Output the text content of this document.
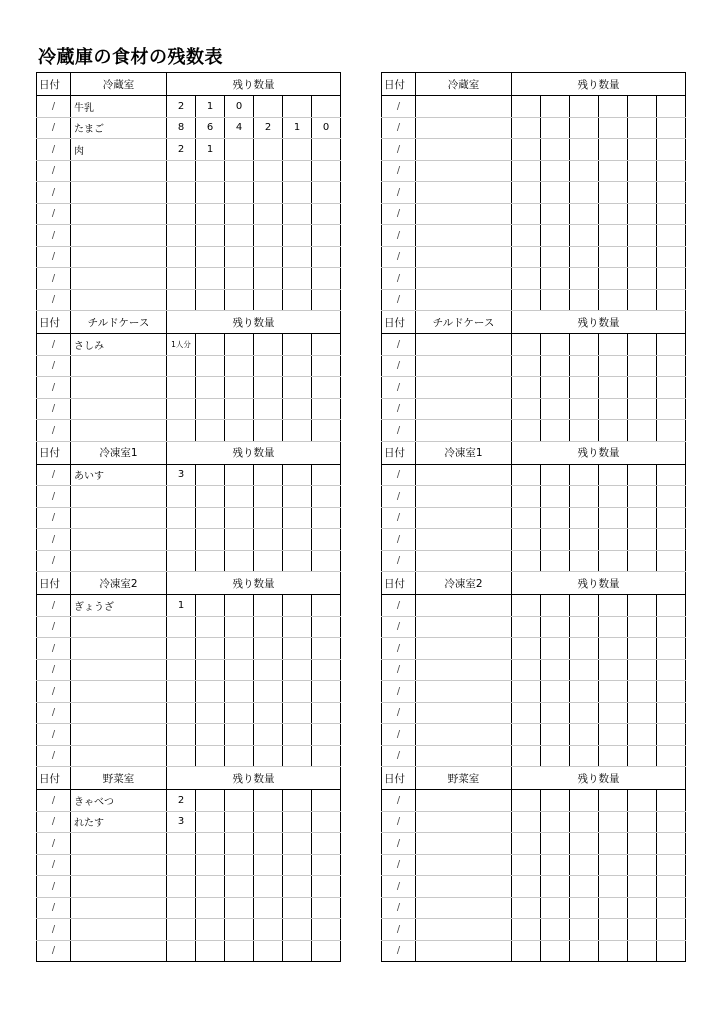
冷蔵庫の食材の残数表
日付	冷蔵室	残り数量					
/	牛乳	2	1	0			
/	たまご	8	6	4	2	1	0
/	肉	2	1				
/							
/							
/							
/							
/							
/							
/							
日付	チルドケース	残り数量					
/	さしみ	1人分					
/							
/							
/							
/							
日付	冷凍室1	残り数量					
/	あいす	3					
/							
/							
/							
/							
日付	冷凍室2	残り数量					
/	ぎょうざ	1					
/							
/							
/							
/							
/							
/							
/							
日付	野菜室	残り数量					
/	きゃべつ	2					
/	れたす	3					
/							
/							
/							
/							
/							
/							
日付	冷蔵室	残り数量					
/							
/							
/							
/							
/							
/							
/							
/							
/							
/							
日付	チルドケース	残り数量					
/							
/							
/							
/							
/							
日付	冷凍室1	残り数量					
/							
/							
/							
/							
/							
日付	冷凍室2	残り数量					
/							
/							
/							
/							
/							
/							
/							
/							
日付	野菜室	残り数量					
/							
/							
/							
/							
/							
/							
/							
/							
